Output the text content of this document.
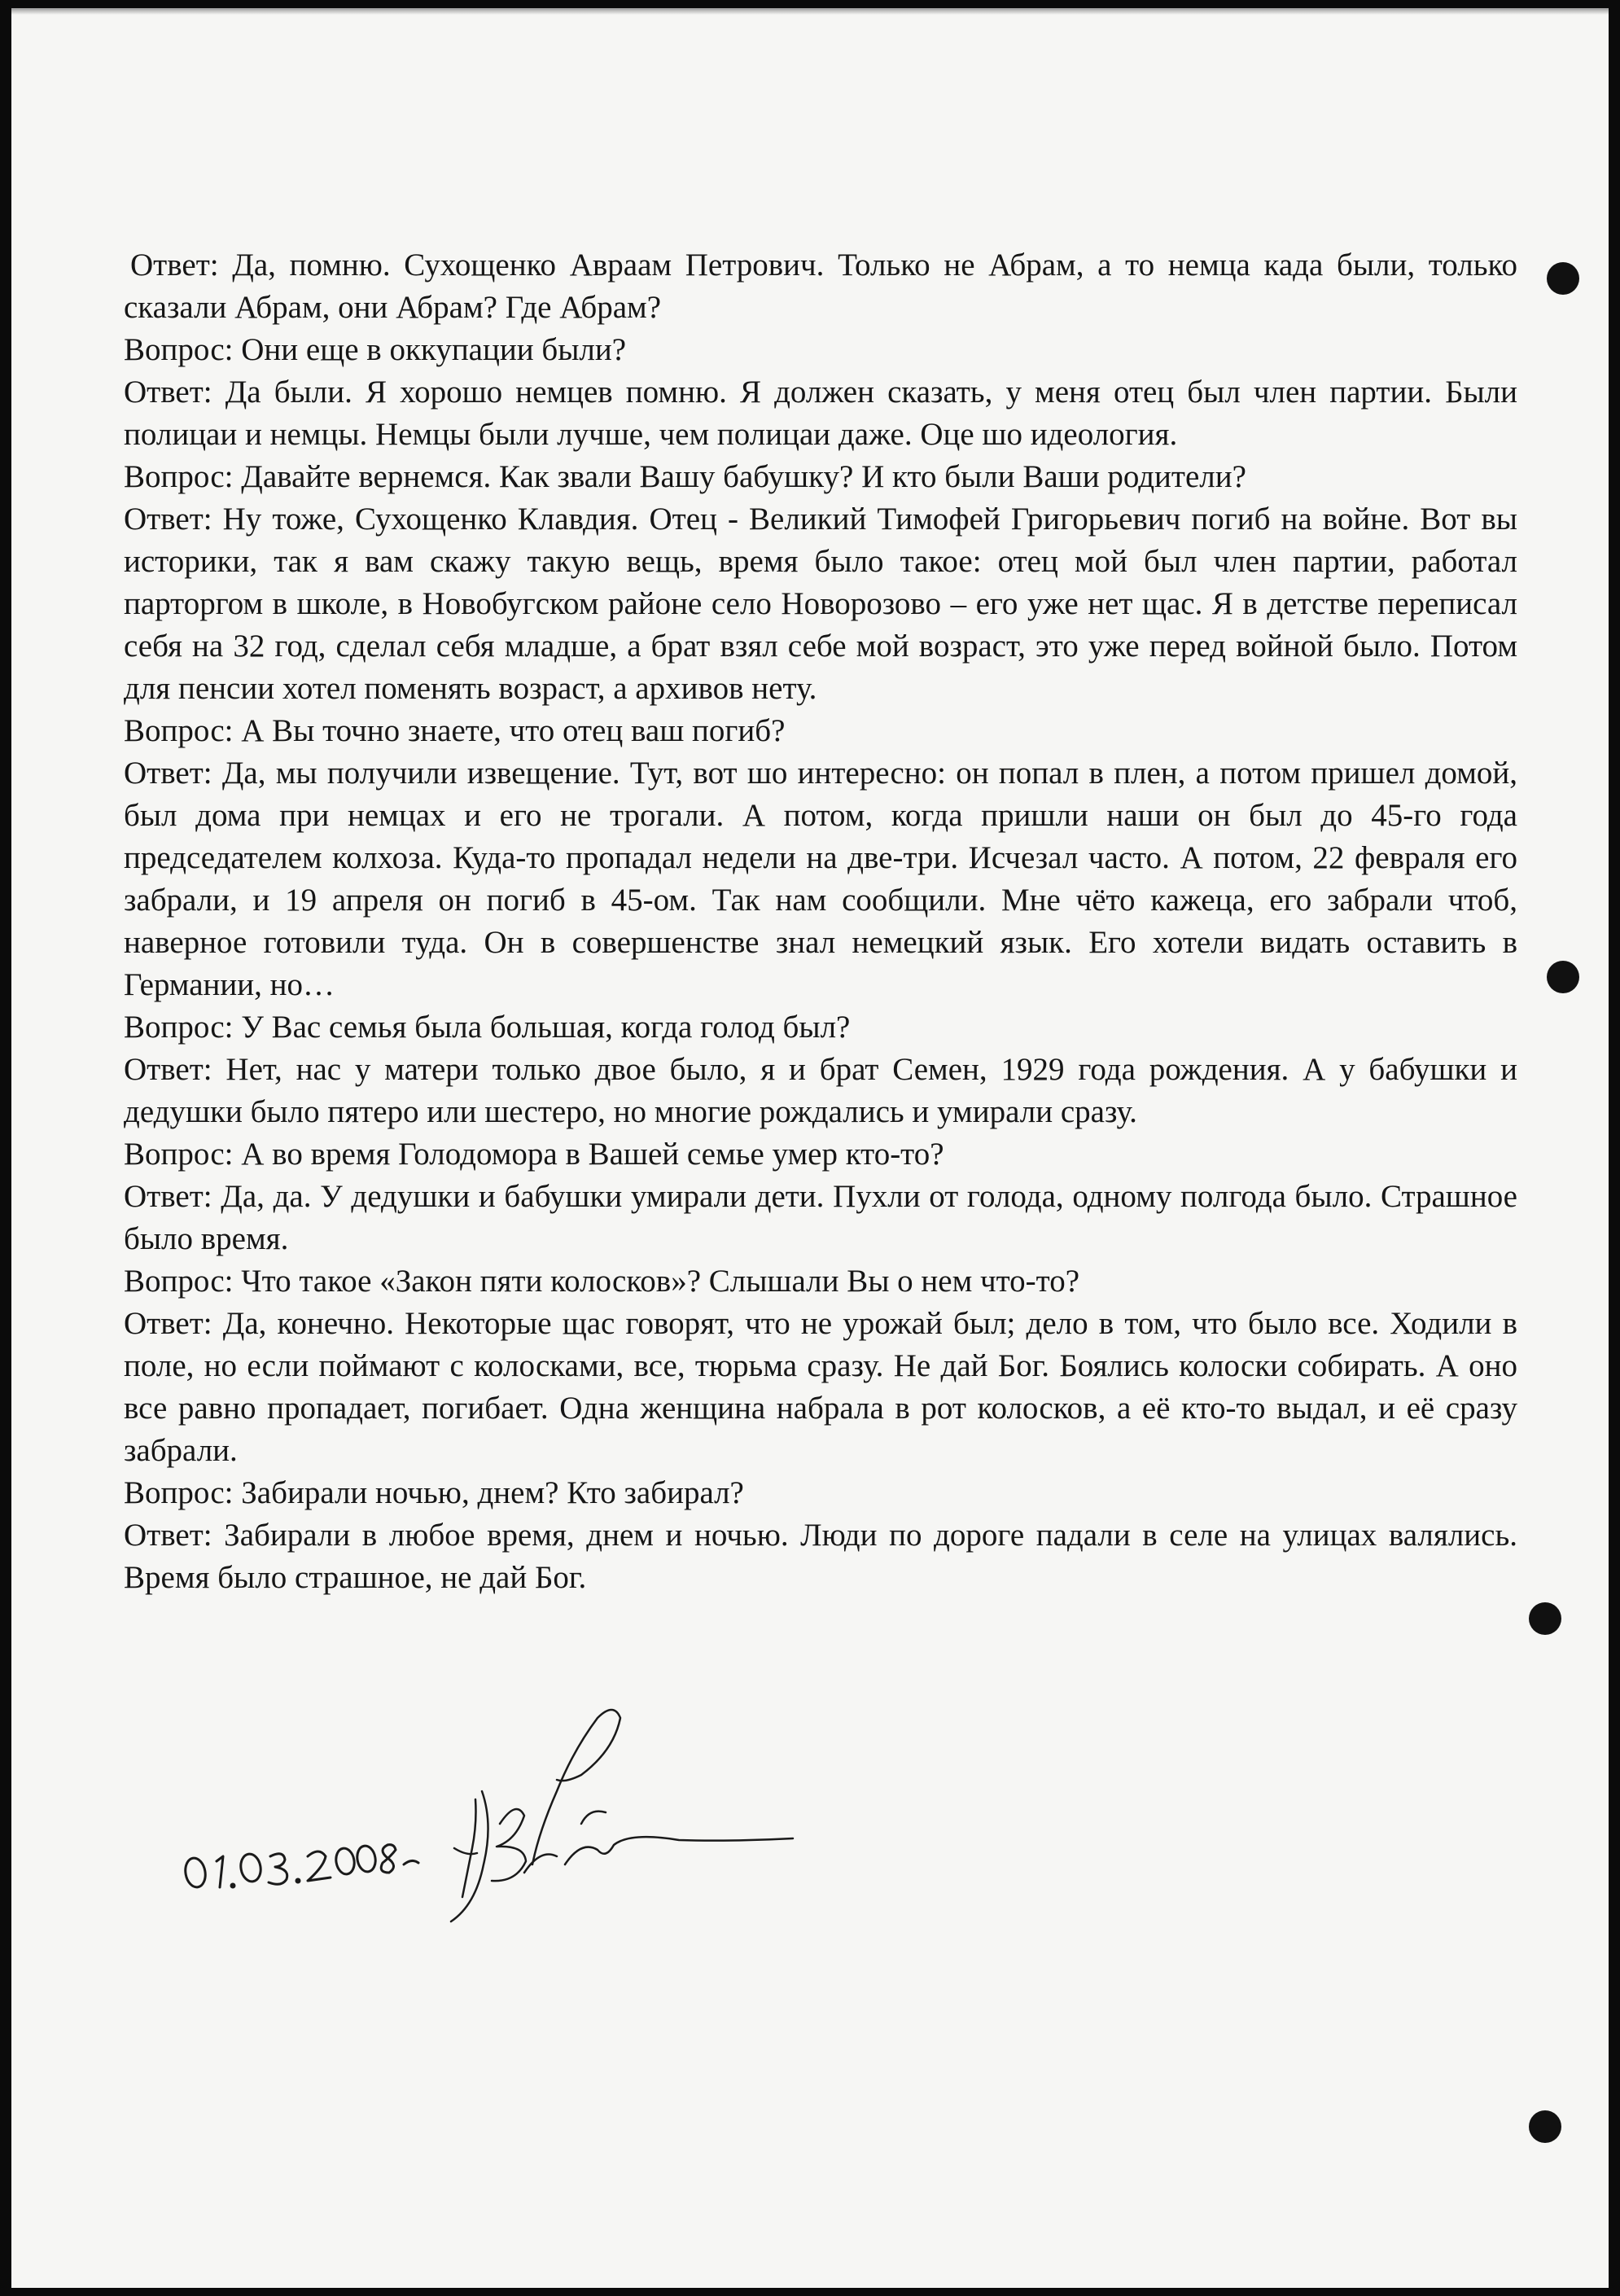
Ответ: Да, помню. Сухощенко Авраам Петрович. Только не Абрам, а то немца када были, только сказали Абрам, они Абрам? Где Абрам?

Вопрос: Они еще в оккупации были?

Ответ: Да были. Я хорошо немцев помню. Я должен сказать, у меня отец был член партии. Были полицаи и немцы. Немцы были лучше, чем полицаи даже. Оце шо идеология.

Вопрос: Давайте вернемся. Как звали Вашу бабушку? И кто были Ваши родители?

Ответ: Ну тоже, Сухощенко Клавдия. Отец - Великий Тимофей Григорьевич погиб на войне. Вот вы историки, так я вам скажу такую вещь, время было такое: отец мой был член партии, работал парторгом в школе, в Новобугском районе село Новорозово – его уже нет щас. Я в детстве переписал себя на 32 год, сделал себя младше, а брат взял себе мой возраст, это уже перед войной было. Потом для пенсии хотел поменять возраст, а архивов нету.

Вопрос: А Вы точно знаете, что отец ваш погиб?

Ответ: Да, мы получили извещение. Тут, вот шо интересно: он попал в плен, а потом пришел домой, был дома при немцах и его не трогали. А потом, когда пришли наши он был до 45-го года председателем колхоза. Куда-то пропадал недели на две-три. Исчезал часто. А потом, 22 февраля его забрали, и 19 апреля он погиб в 45-ом. Так нам сообщили. Мне чёто кажеца, его забрали чтоб, наверное готовили туда. Он в совершенстве знал немецкий язык. Его хотели видать оставить в Германии, но…

Вопрос: У Вас семья была большая, когда голод был?

Ответ: Нет, нас у матери только двое было, я и брат Семен, 1929 года рождения. А у бабушки и дедушки было пятеро или шестеро, но многие рождались и умирали сразу.

Вопрос: А во время Голодомора в Вашей семье умер кто-то?

Ответ: Да, да. У дедушки и бабушки умирали дети. Пухли от голода, одному полгода было. Страшное было время.

Вопрос: Что такое «Закон пяти колосков»? Слышали Вы о нем что-то?

Ответ: Да, конечно. Некоторые щас говорят, что не урожай был; дело в том, что было все. Ходили в поле, но если поймают с колосками, все, тюрьма сразу. Не дай Бог. Боялись колоски собирать. А оно все равно пропадает, погибает. Одна женщина набрала в рот колосков, а её кто-то выдал, и её сразу забрали.

Вопрос: Забирали ночью, днем? Кто забирал?

Ответ: Забирали в любое время, днем и ночью. Люди по дороге падали в селе на улицах валялись. Время было страшное, не дай Бог.
